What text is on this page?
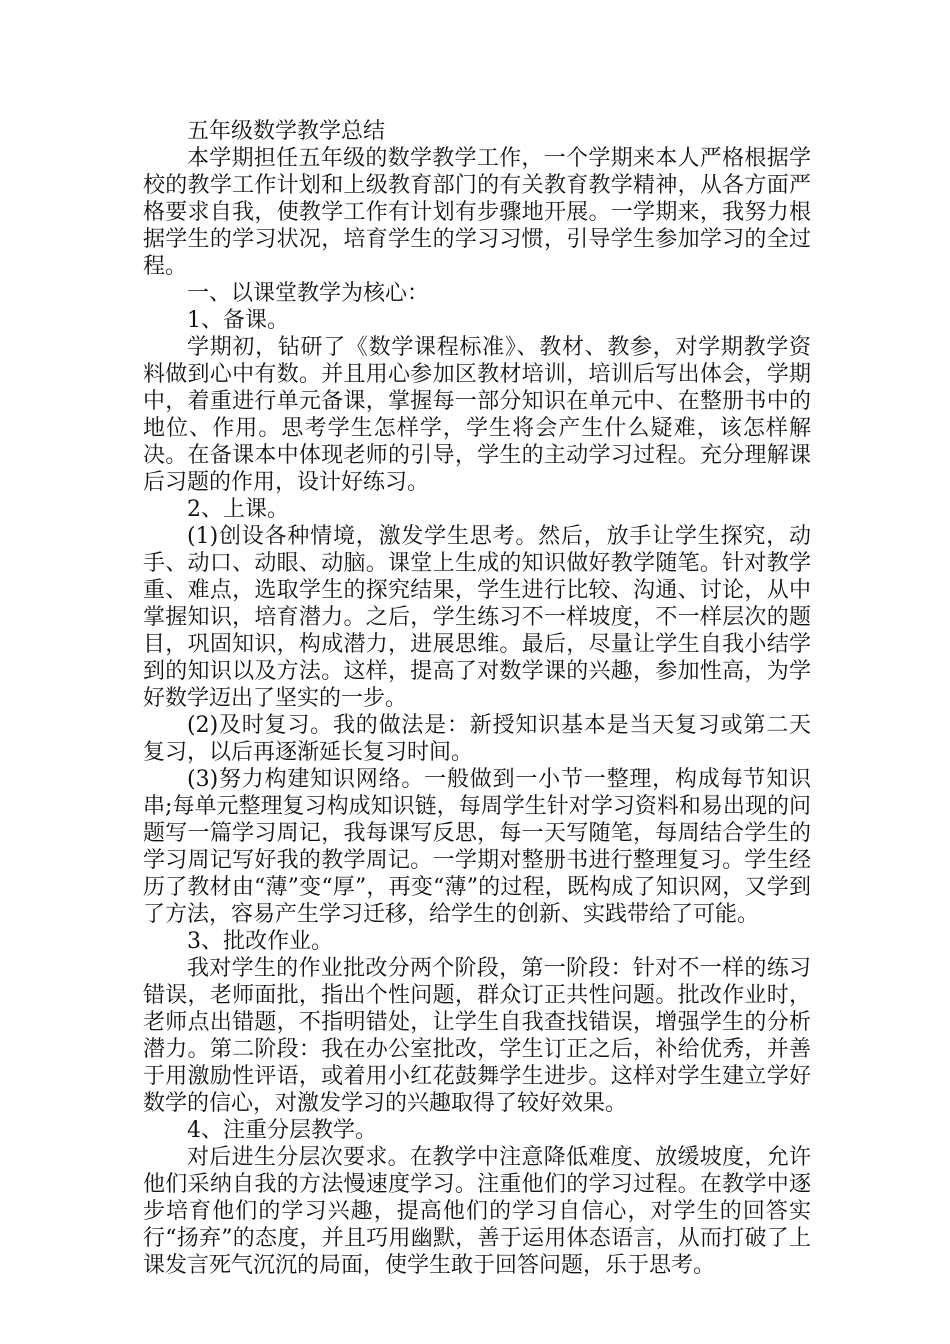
五年级数学教学总结

本学期担任五年级的数学教学工作，一个学期来本人严格根据学校的教学工作计划和上级教育部门的有关教育教学精神，从各方面严格要求自我，使教学工作有计划有步骤地开展。一学期来，我努力根据学生的学习状况，培育学生的学习习惯，引导学生参加学习的全过程。

一、以课堂教学为核心：

1、备课。

学期初，钻研了《数学课程标准》、教材、教参，对学期教学资料做到心中有数。并且用心参加区教材培训，培训后写出体会，学期中，着重进行单元备课，掌握每一部分知识在单元中、在整册书中的地位、作用。思考学生怎样学，学生将会产生什么疑难，该怎样解决。在备课本中体现老师的引导，学生的主动学习过程。充分理解课后习题的作用，设计好练习。

2、上课。

(1)创设各种情境，激发学生思考。然后，放手让学生探究，动手、动口、动眼、动脑。课堂上生成的知识做好教学随笔。针对教学重、难点，选取学生的探究结果，学生进行比较、沟通、讨论，从中掌握知识，培育潜力。之后，学生练习不一样坡度，不一样层次的题目，巩固知识，构成潜力，进展思维。最后，尽量让学生自我小结学到的知识以及方法。这样，提高了对数学课的兴趣，参加性高，为学好数学迈出了坚实的一步。

(2)及时复习。我的做法是：新授知识基本是当天复习或第二天复习，以后再逐渐延长复习时间。

(3)努力构建知识网络。一般做到一小节一整理，构成每节知识串;每单元整理复习构成知识链，每周学生针对学习资料和易出现的问题写一篇学习周记，我每课写反思，每一天写随笔，每周结合学生的学习周记写好我的教学周记。一学期对整册书进行整理复习。学生经历了教材由“薄”变“厚”，再变“薄”的过程，既构成了知识网，又学到了方法，容易产生学习迁移，给学生的创新、实践带给了可能。

3、批改作业。

我对学生的作业批改分两个阶段，第一阶段：针对不一样的练习错误，老师面批，指出个性问题，群众订正共性问题。批改作业时，老师点出错题，不指明错处，让学生自我查找错误，增强学生的分析潜力。第二阶段：我在办公室批改，学生订正之后，补给优秀，并善于用激励性评语，或着用小红花鼓舞学生进步。这样对学生建立学好数学的信心，对激发学习的兴趣取得了较好效果。

4、注重分层教学。

对后进生分层次要求。在教学中注意降低难度、放缓坡度，允许他们采纳自我的方法慢速度学习。注重他们的学习过程。在教学中逐步培育他们的学习兴趣，提高他们的学习自信心，对学生的回答实行“扬弃”的态度，并且巧用幽默，善于运用体态语言，从而打破了上课发言死气沉沉的局面，使学生敢于回答问题，乐于思考。
